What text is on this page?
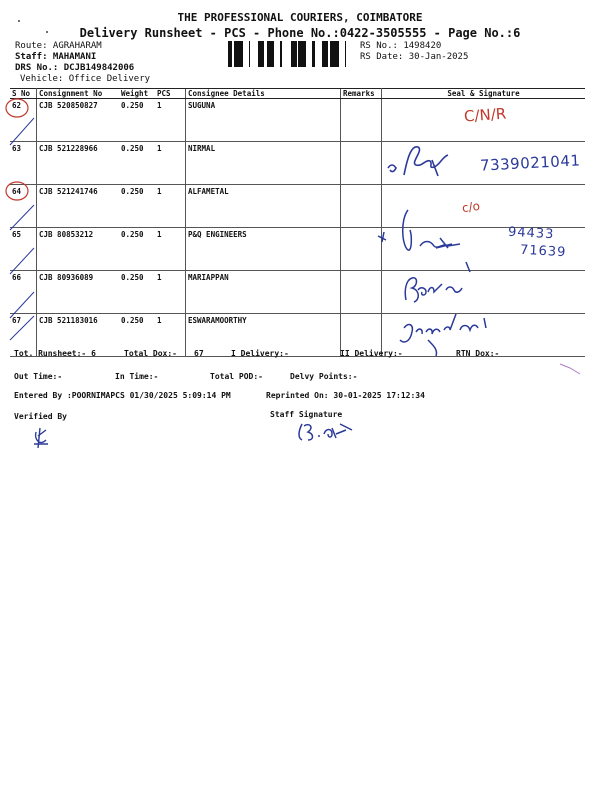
THE PROFESSIONAL COURIERS, COIMBATORE
Delivery Runsheet - PCS - Phone No.:0422-3505555 - Page No.:6
Route: AGRAHARAM
Staff: MAHAMANI
DRS No.: DCJB149842006
Vehicle: Office Delivery
RS No.: 1498420
RS Date: 30-Jan-2025
S No	Consignment No	Weight	PCS	Consignee Details	Remarks	Seal & Signature
62	CJB 520850827	0.250	1	SUGUNA		
63	CJB 521228966	0.250	1	NIRMAL		
64	CJB 521241746	0.250	1	ALFAMETAL		
65	CJB 80853212	0.250	1	P&Q ENGINEERS		
66	CJB 80936089	0.250	1	MARIAPPAN		
67	CJB 521183016	0.250	1	ESWARAMOORTHY		
Tot. Runsheet:- 6	Total Dox:- 67	I Delivery:-	II Delivery:-	RTN Dox:-
Out Time:-	In Time:-	Total POD:-	Delvy Points:-
Entered By :POORNIMAPCS 01/30/2025 5:09:14 PM	Reprinted On: 30-01-2025 17:12:34
Verified By	Staff Signature
C/N/R
7339021041
c/o
94433
71639
